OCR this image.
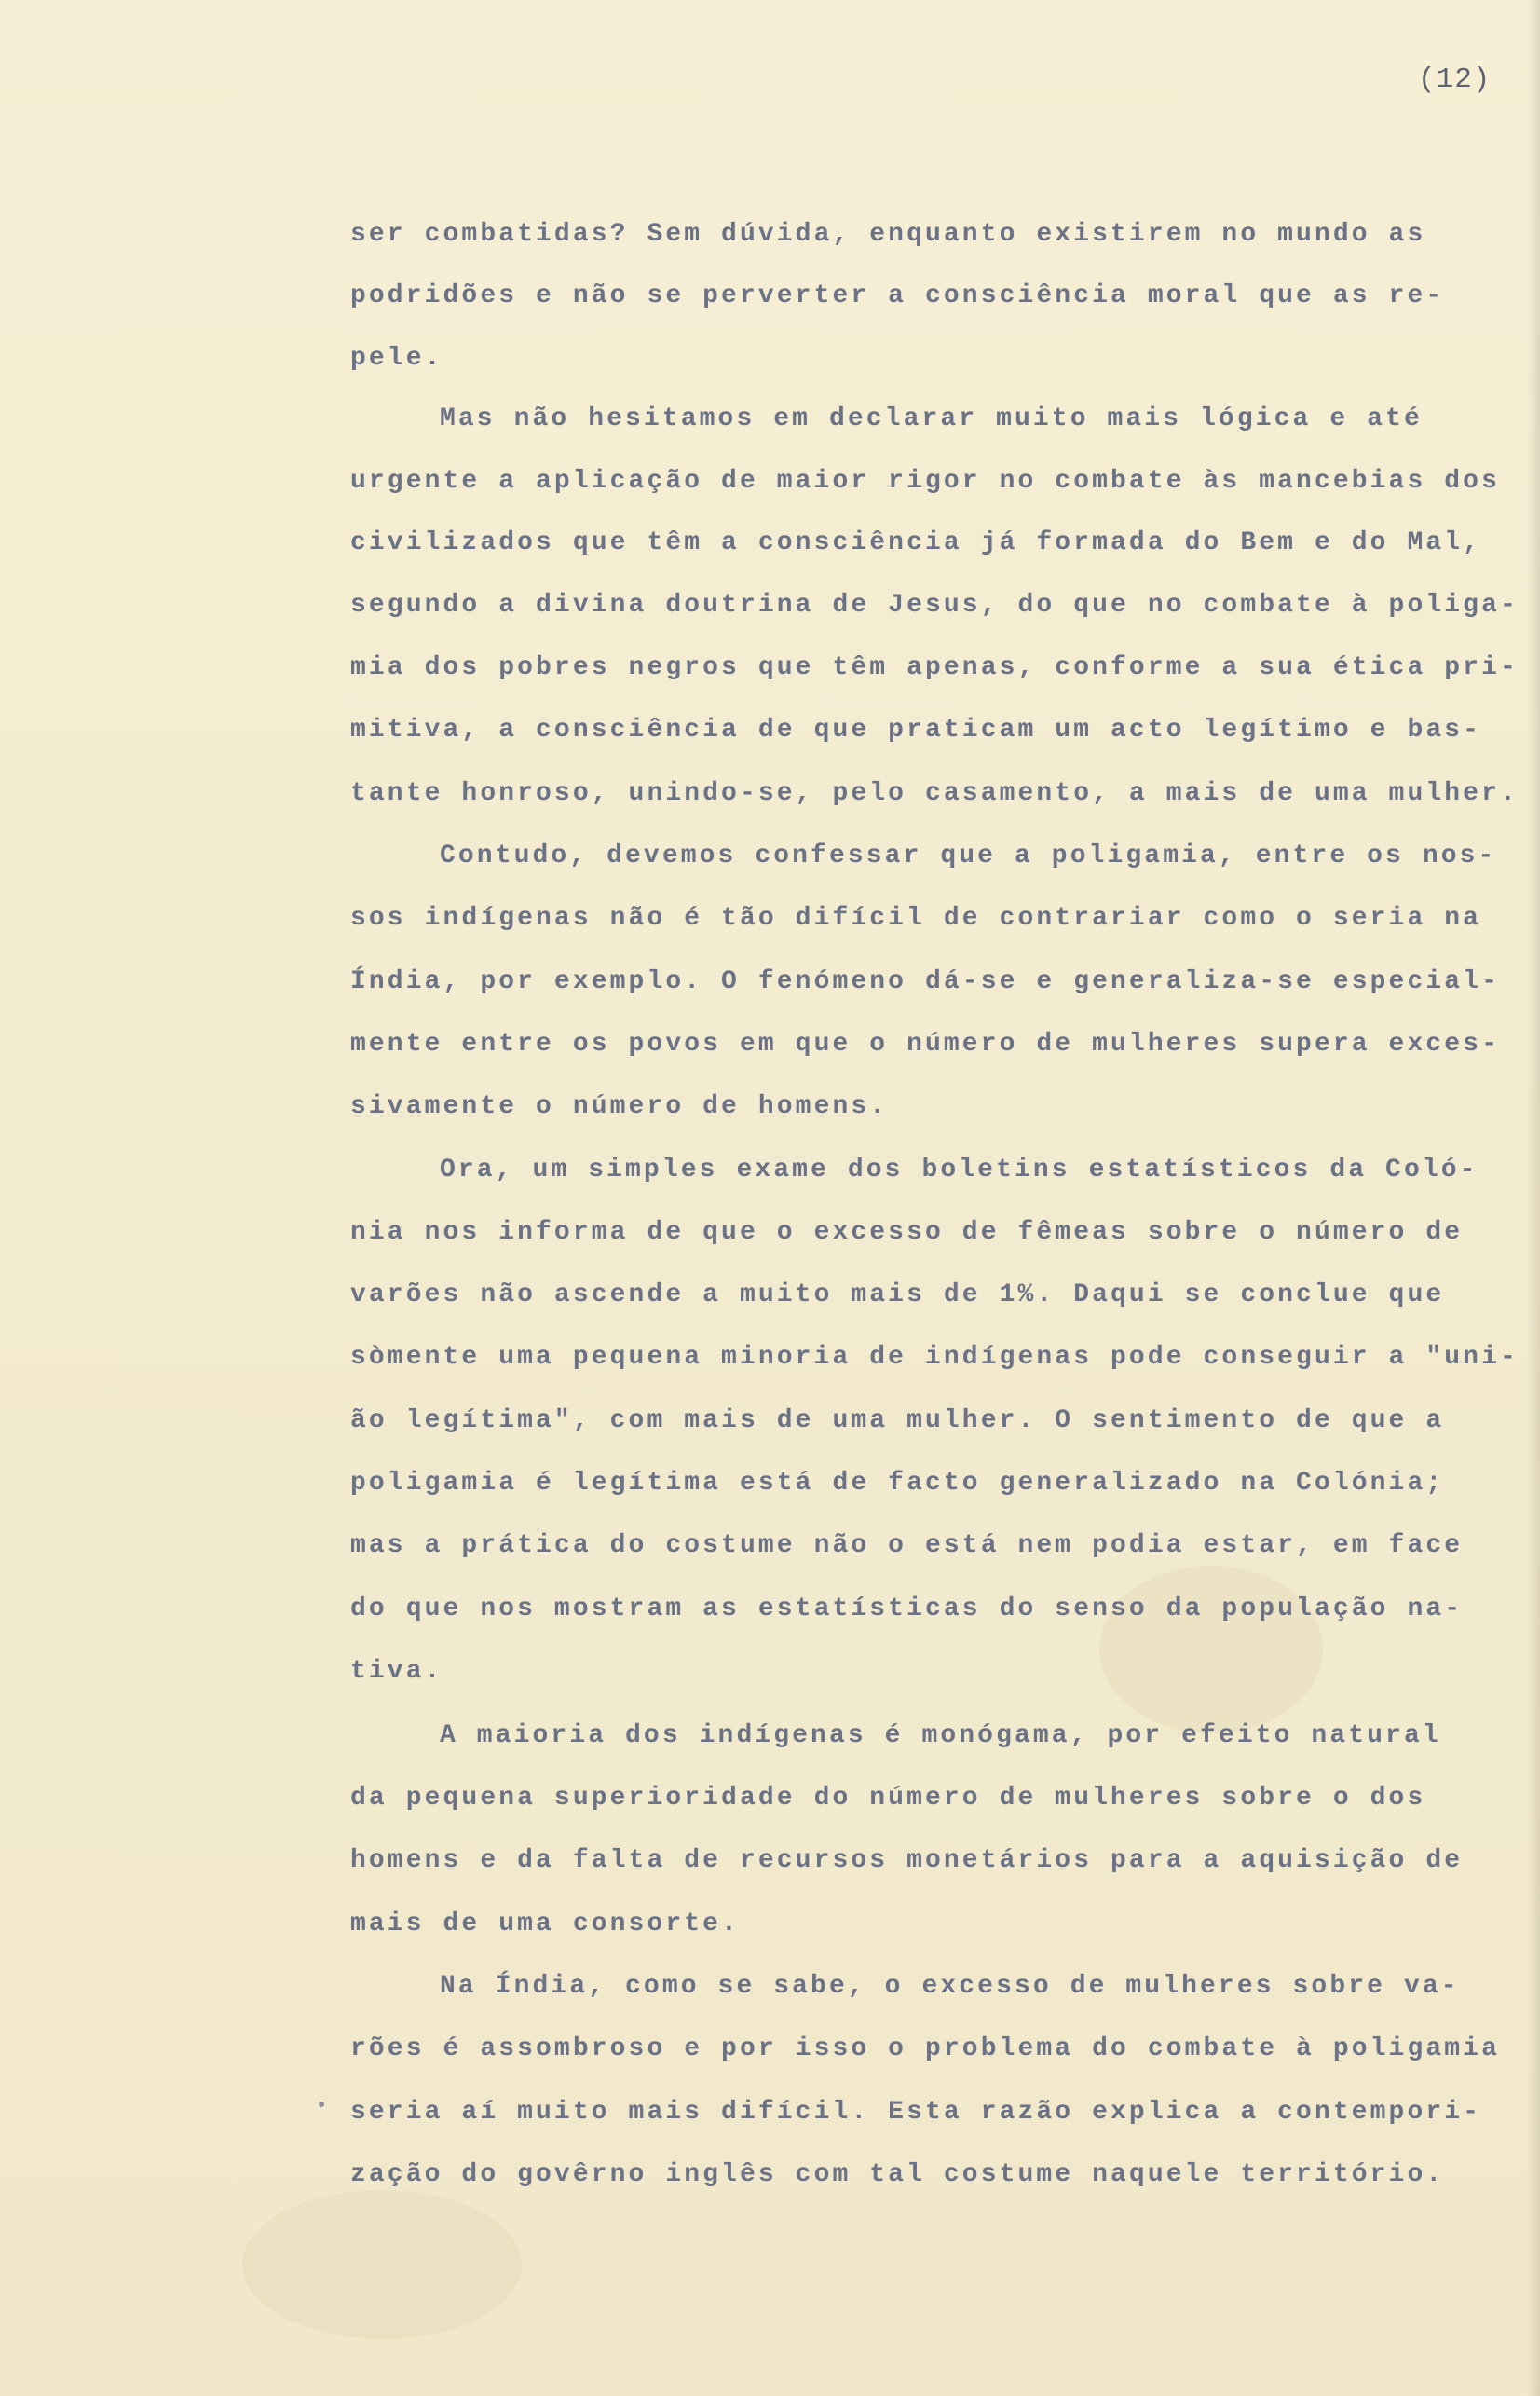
(12)
ser combatidas? Sem dúvida, enquanto existirem no mundo as
podridões e não se perverter a consciência moral que as re-
pele.
Mas não hesitamos em declarar muito mais lógica e até
urgente a aplicação de maior rigor no combate às mancebias dos
civilizados que têm a consciência já formada do Bem e do Mal,
segundo a divina doutrina de Jesus, do que no combate à poliga-
mia dos pobres negros que têm apenas, conforme a sua ética pri-
mitiva, a consciência de que praticam um acto legítimo e bas-
tante honroso, unindo-se, pelo casamento, a mais de uma mulher.
Contudo, devemos confessar que a poligamia, entre os nos-
sos indígenas não é tão difícil de contrariar como o seria na
Índia, por exemplo. O fenómeno dá-se e generaliza-se especial-
mente entre os povos em que o número de mulheres supera exces-
sivamente o número de homens.
Ora, um simples exame dos boletins estatísticos da Coló-
nia nos informa de que o excesso de fêmeas sobre o número de
varões não ascende a muito mais de 1%. Daqui se conclue que
sòmente uma pequena minoria de indígenas pode conseguir a "uni-
ão legítima", com mais de uma mulher. O sentimento de que a
poligamia é legítima está de facto generalizado na Colónia;
mas a prática do costume não o está nem podia estar, em face
do que nos mostram as estatísticas do senso da população na-
tiva.
A maioria dos indígenas é monógama, por efeito natural
da pequena superioridade do número de mulheres sobre o dos
homens e da falta de recursos monetários para a aquisição de
mais de uma consorte.
Na Índia, como se sabe, o excesso de mulheres sobre va-
rões é assombroso e por isso o problema do combate à poligamia
seria aí muito mais difícil. Esta razão explica a contempori-
zação do govêrno inglês com tal costume naquele território.
